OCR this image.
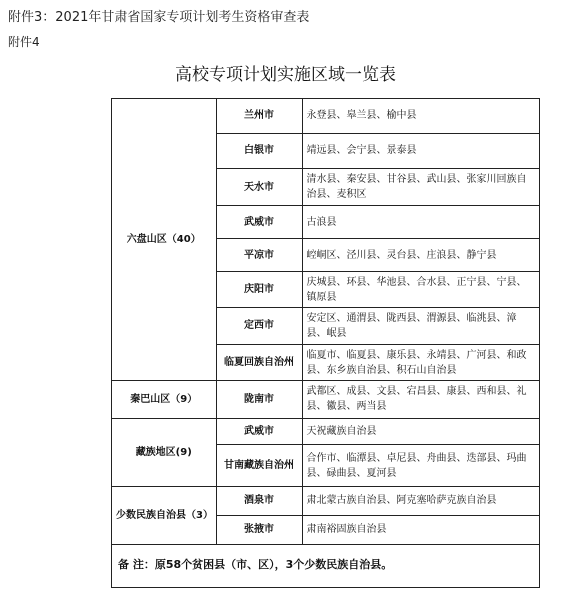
附件3：2021年甘肃省国家专项计划考生资格审查表
附件4
高校专项计划实施区域一览表
六盘山区（40）	兰州市	永登县、皋兰县、榆中县
	白银市	靖远县、会宁县、景泰县
	天水市	清水县、秦安县、甘谷县、武山县、张家川回族自治县、麦积区
	武威市	古浪县
	平凉市	崆峒区、泾川县、灵台县、庄浪县、静宁县
	庆阳市	庆城县、环县、华池县、合水县、正宁县、宁县、镇原县
	定西市	安定区、通渭县、陇西县、渭源县、临洮县、漳县、岷县
	临夏回族自治州	临夏市、临夏县、康乐县、永靖县、广河县、和政县、东乡族自治县、积石山自治县
秦巴山区（9）	陇南市	武都区、成县、文县、宕昌县、康县、西和县、礼县、徽县、两当县
藏族地区(9)	武威市	天祝藏族自治县
	甘南藏族自治州	合作市、临潭县、卓尼县、舟曲县、迭部县、玛曲县、碌曲县、夏河县
少数民族自治县（3）	酒泉市	肃北蒙古族自治县、阿克塞哈萨克族自治县
	张掖市	肃南裕固族自治县
备 注：原58个贫困县（市、区），3个少数民族自治县。
